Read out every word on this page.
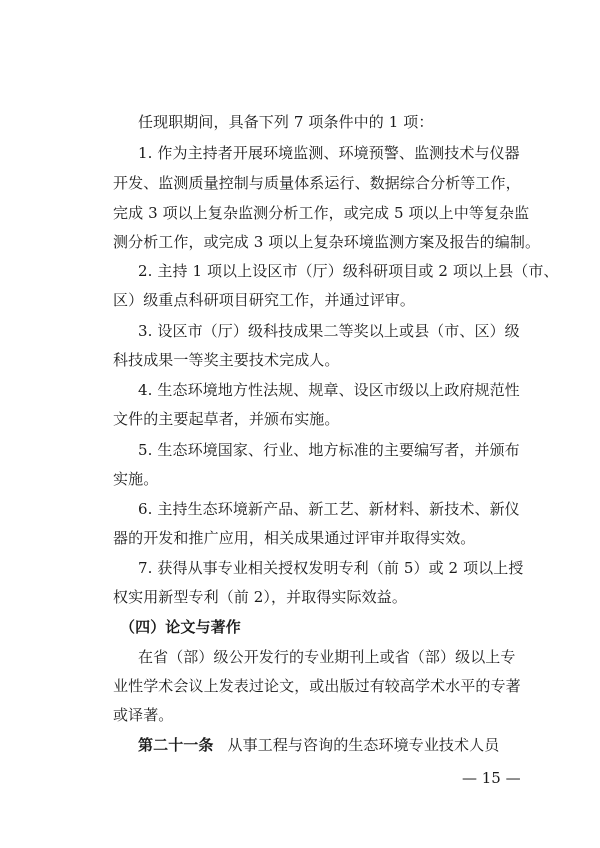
任现职期间，具备下列 7 项条件中的 1 项：
1. 作为主持者开展环境监测、环境预警、监测技术与仪器
开发、监测质量控制与质量体系运行、数据综合分析等工作，
完成 3 项以上复杂监测分析工作，或完成 5 项以上中等复杂监
测分析工作，或完成 3 项以上复杂环境监测方案及报告的编制。
2. 主持 1 项以上设区市（厅）级科研项目或 2 项以上县（市、
区）级重点科研项目研究工作，并通过评审。
3. 设区市（厅）级科技成果二等奖以上或县（市、区）级
科技成果一等奖主要技术完成人。
4. 生态环境地方性法规、规章、设区市级以上政府规范性
文件的主要起草者，并颁布实施。
5. 生态环境国家、行业、地方标准的主要编写者，并颁布
实施。
6. 主持生态环境新产品、新工艺、新材料、新技术、新仪
器的开发和推广应用，相关成果通过评审并取得实效。
7. 获得从事专业相关授权发明专利（前 5）或 2 项以上授
权实用新型专利（前 2），并取得实际效益。
（四）论文与著作
在省（部）级公开发行的专业期刊上或省（部）级以上专
业性学术会议上发表过论文，或出版过有较高学术水平的专著
或译著。
第二十一条 从事工程与咨询的生态环境专业技术人员
— 15 —
